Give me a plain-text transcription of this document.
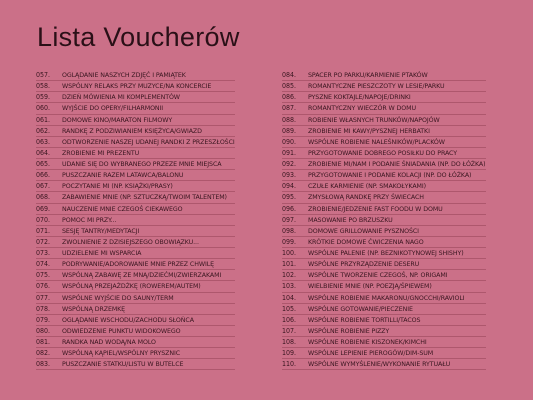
Lista Voucherów
057.	OGLĄDANIE NASZYCH ZDJĘĆ I PAMIĄTEK
058.	WSPÓLNY RELAKS PRZY MUZYCE/NA KONCERCIE
059.	DZIEŃ MÓWIENIA MI KOMPLEMENTÓW
060.	WYJŚCIE DO OPERY/FILHARMONII
061.	DOMOWE KINO/MARATON FILMOWY
062.	RANDKĘ Z PODZIWIANIEM KSIĘŻYCA/GWIAZD
063.	ODTWORZENIE NASZEJ UDANEJ RANDKI Z PRZESZŁOŚCI
064.	ZROBIENIE MI PREZENTU
065.	UDANIE SIĘ DO WYBRANEGO PRZEZE MNIE MIEJSCA
066.	PUSZCZANIE RAZEM LATAWCA/BALONU
067.	POCZYTANIE MI (NP. KSIĄŻKI/PRASY)
068.	ZABAWIENIE MNIE (NP. SZTUCZKĄ/TWOIM TALENTEM)
069.	NAUCZENIE MNIE CZEGOŚ CIEKAWEGO
070.	POMOC MI PRZY...
071.	SESJĘ TANTRY/MEDYTACJI
072.	ZWOLNIENIE Z DZISIEJSZEGO OBOWIĄZKU...
073.	UDZIELENIE MI WSPARCIA
074.	PODRYWANIE/ADOROWANIE MNIE PRZEZ CHWILĘ
075.	WSPÓLNĄ ZABAWĘ ZE MNĄ/DZIEĆMI/ZWIERZAKAMI
076.	WSPÓLNĄ PRZEJAŻDŻKĘ (ROWEREM/AUTEM)
077.	WSPÓLNE WYJŚCIE DO SAUNY/TERM
078.	WSPÓLNĄ DRZEMKĘ
079.	OGLĄDANIE WSCHODU/ZACHODU SŁOŃCA
080.	ODWIEDZENIE PUNKTU WIDOKOWEGO
081.	RANDKA NAD WODĄ/NA MOLO
082.	WSPÓLNĄ KĄPIEL/WSPÓLNY PRYSZNIC
083.	PUSZCZANIE STATKU/LISTU W BUTELCE
084.	SPACER PO PARKU/KARMIENIE PTAKÓW
085.	ROMANTYCZNE PIESZCZOTY W LESIE/PARKU
086.	PYSZNE KOKTAJLE/NAPOJE/DRINKI
087.	ROMANTYCZNY WIECZÓR W DOMU
088.	ROBIENIE WŁASNYCH TRUNKÓW/NAPOJÓW
089.	ZROBIENIE MI KAWY/PYSZNEJ HERBATKI
090.	WSPÓLNE ROBIENIE NALEŚNIKÓW/PLACKÓW
091.	PRZYGOTOWANIE DOBREGO POSIŁKU DO PRACY
092.	ZROBIENIE MI/NAM I PODANIE ŚNIADANIA (NP. DO ŁÓŻKA)
093.	PRZYGOTOWANIE I PODANIE KOLACJI (NP. DO ŁÓŻKA)
094.	CZUŁE KARMIENIE (NP. SMAKOŁYKAMI)
095.	ZMYSŁOWĄ RANDKĘ PRZY ŚWIECACH
096.	ZROBIENIE/JEDZENIE FAST FOODU W DOMU
097.	MASOWANIE PO BRZUSZKU
098.	DOMOWE GRILLOWANIE PYSZNOŚCI
099.	KRÓTKIE DOMOWE ĆWICZENIA NAGO
100.	WSPÓLNE PALENIE (NP. BEZNIKOTYNOWEJ SHISHY)
101.	WSPÓLNE PRZYRZĄDZENIE DESERU
102.	WSPÓLNE TWORZENIE CZEGOŚ, NP. ORIGAMI
103.	WIELBIENIE MNIE (NP. POEZJĄ/ŚPIEWEM)
104.	WSPÓLNE ROBIENIE MAKARONU/GNOCCHI/RAVIOLI
105.	WSPÓLNE GOTOWANIE/PIECZENIE
106.	WSPÓLNE ROBIENIE TORTILLI/TACOS
107.	WSPÓLNE ROBIENIE PIZZY
108.	WSPÓLNE ROBIENIE KISZONEK/KIMCHI
109.	WSPÓLNE LEPIENIE PIEROGÓW/DIM-SUM
110.	WSPÓLNE WYMYŚLENIE/WYKONANIE RYTUAŁU
